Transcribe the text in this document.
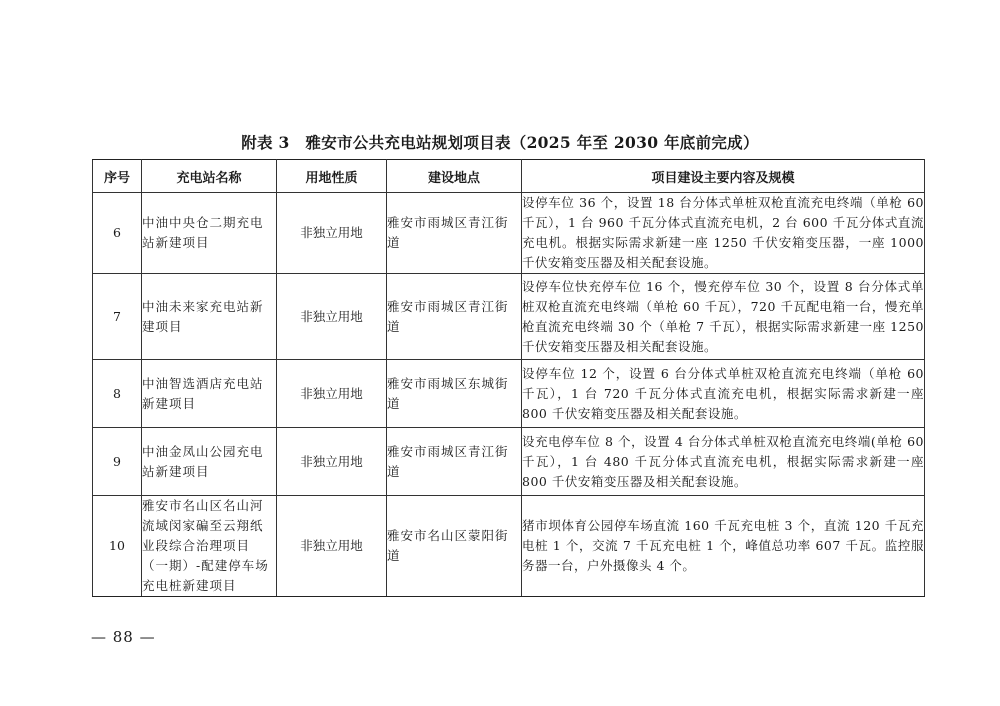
附表 3　雅安市公共充电站规划项目表（2025 年至 2030 年底前完成）
序号	充电站名称	用地性质	建设地点	项目建设主要内容及规模
6	中油中央仓二期充电站新建项目	非独立用地	雅安市雨城区青江街道	设停车位 36 个，设置 18 台分体式单桩双枪直流充电终端（单枪 60 千瓦），1 台 960 千瓦分体式直流充电机，2 台 600 千瓦分体式直流充电机。根据实际需求新建一座 1250 千伏安箱变压器，一座 1000 千伏安箱变压器及相关配套设施。
7	中油未来家充电站新建项目	非独立用地	雅安市雨城区青江街道	设停车位快充停车位 16 个，慢充停车位 30 个，设置 8 台分体式单桩双枪直流充电终端（单枪 60 千瓦），720 千瓦配电箱一台，慢充单枪直流充电终端 30 个（单枪 7 千瓦），根据实际需求新建一座 1250 千伏安箱变压器及相关配套设施。
8	中油智选酒店充电站新建项目	非独立用地	雅安市雨城区东城街道	设停车位 12 个，设置 6 台分体式单桩双枪直流充电终端（单枪 60 千瓦），1 台 720 千瓦分体式直流充电机，根据实际需求新建一座 800 千伏安箱变压器及相关配套设施。
9	中油金凤山公园充电站新建项目	非独立用地	雅安市雨城区青江街道	设充电停车位 8 个，设置 4 台分体式单桩双枪直流充电终端(单枪 60 千瓦），1 台 480 千瓦分体式直流充电机，根据实际需求新建一座 800 千伏安箱变压器及相关配套设施。
10	雅安市名山区名山河流域闵家碥至云翔纸业段综合治理项目（一期）-配建停车场充电桩新建项目	非独立用地	雅安市名山区蒙阳街道	猪市坝体育公园停车场直流 160 千瓦充电桩 3 个，直流 120 千瓦充电桩 1 个，交流 7 千瓦充电桩 1 个，峰值总功率 607 千瓦。监控服务器一台，户外摄像头 4 个。
— 88 —
